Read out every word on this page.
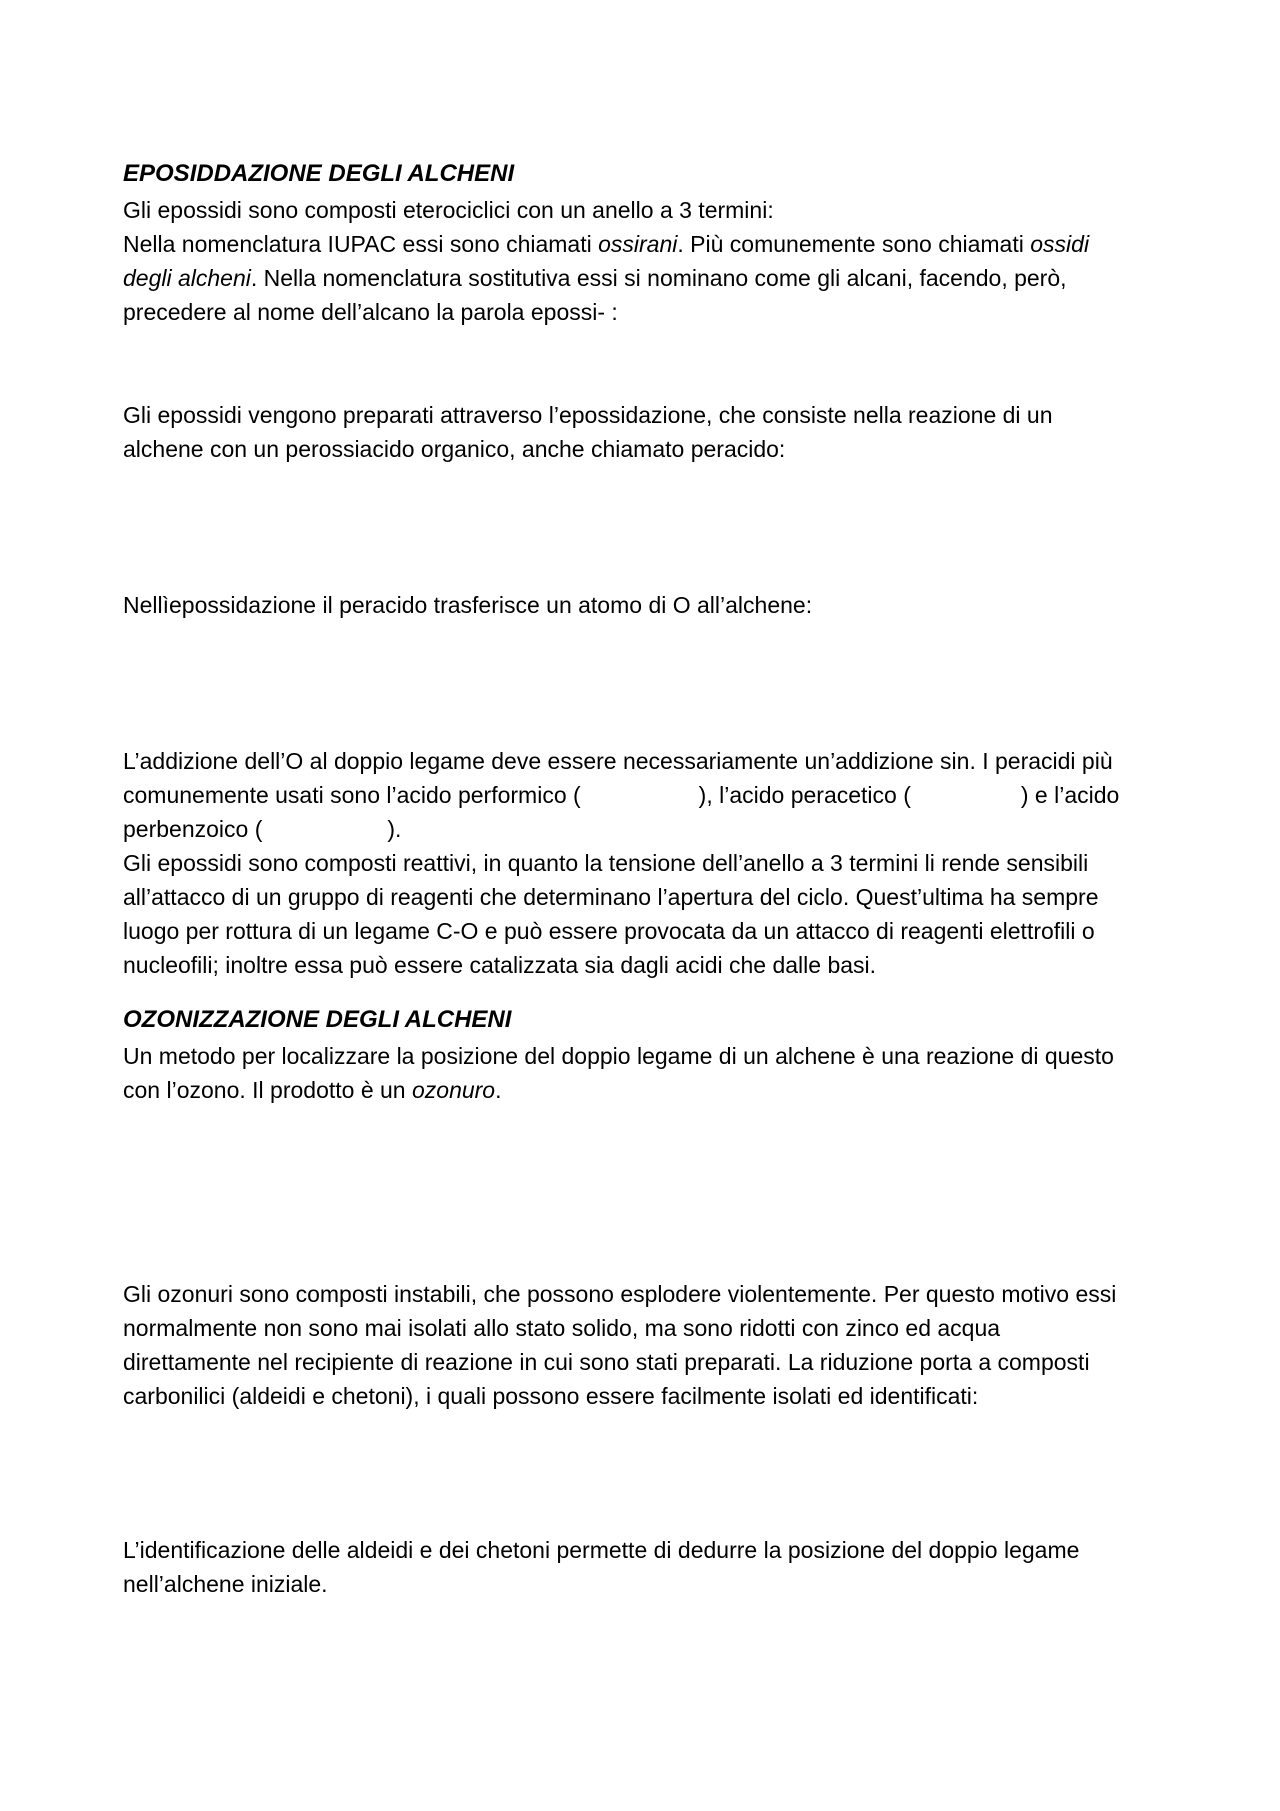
EPOSIDDAZIONE DEGLI ALCHENI

Gli epossidi sono composti eterociclici con un anello a 3 termini:
Nella nomenclatura IUPAC essi sono chiamati ossirani. Più comunemente sono chiamati ossidi
degli alcheni. Nella nomenclatura sostitutiva essi si nominano come gli alcani, facendo, però,
precedere al nome dell’alcano la parola epossi- :

Gli epossidi vengono preparati attraverso l’epossidazione, che consiste nella reazione di un
alchene con un perossiacido organico, anche chiamato peracido:

Nellìepossidazione il peracido trasferisce un atomo di O all’alchene:

L’addizione dell’O al doppio legame deve essere necessariamente un’addizione sin. I peracidi più
comunemente usati sono l’acido performico (	), l’acido peracetico (	) e l’acido
perbenzoico (	).
Gli epossidi sono composti reattivi, in quanto la tensione dell’anello a 3 termini li rende sensibili
all’attacco di un gruppo di reagenti che determinano l’apertura del ciclo. Quest’ultima ha sempre
luogo per rottura di un legame C-O e può essere provocata da un attacco di reagenti elettrofili o
nucleofili; inoltre essa può essere catalizzata sia dagli acidi che dalle basi.

OZONIZZAZIONE DEGLI ALCHENI

Un metodo per localizzare la posizione del doppio legame di un alchene è una reazione di questo
con l’ozono. Il prodotto è un ozonuro.

Gli ozonuri sono composti instabili, che possono esplodere violentemente. Per questo motivo essi
normalmente non sono mai isolati allo stato solido, ma sono ridotti con zinco ed acqua
direttamente nel recipiente di reazione in cui sono stati preparati. La riduzione porta a composti
carbonilici (aldeidi e chetoni), i quali possono essere facilmente isolati ed identificati:

L’identificazione delle aldeidi e dei chetoni permette di dedurre la posizione del doppio legame
nell’alchene iniziale.
